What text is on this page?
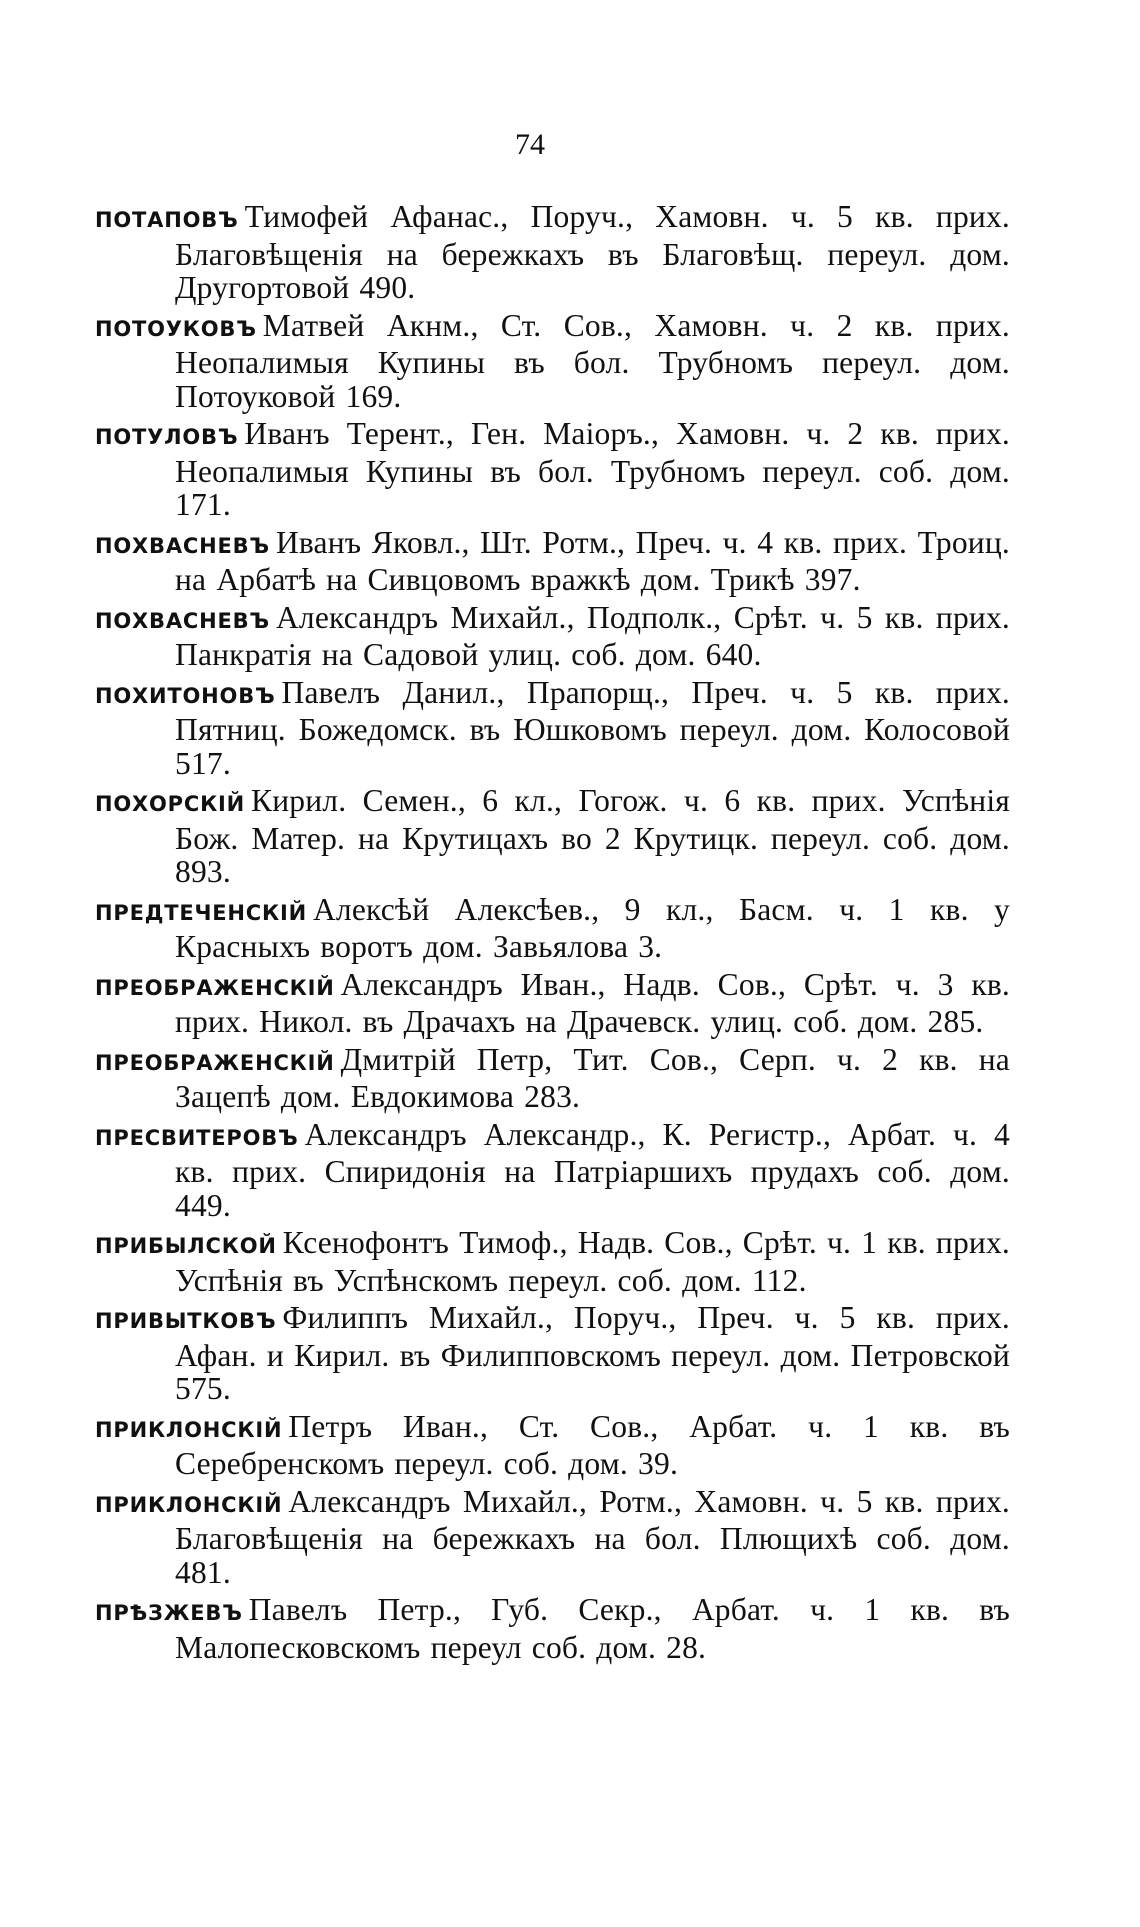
74

ПОТАПОВЪ Тимофей Афанас., Поруч., Хамовн. ч. 5 кв. прих. Благовѣщенія на бережкахъ въ Благовѣщ. переул. дом. Другортовой 490.

ПОТОУКОВЪ Матвей Акнм., Ст. Сов., Хамовн. ч. 2 кв. прих. Неопалимыя Купины въ бол. Трубномъ переул. дом. Потоуковой 169.

ПОТУЛОВЪ Иванъ Терент., Ген. Маіоръ., Хамовн. ч. 2 кв. прих. Неопалимыя Купины въ бол. Трубномъ переул. соб. дом. 171.

ПОХВАСНЕВЪ Иванъ Яковл., Шт. Ротм., Преч. ч. 4 кв. прих. Троиц. на Арбатѣ на Сивцовомъ вражкѣ дом. Трикѣ 397.

ПОХВАСНЕВЪ Александръ Михайл., Подполк., Срѣт. ч. 5 кв. прих. Панкратія на Садовой улиц. соб. дом. 640.

ПОХИТОНОВЪ Павелъ Данил., Прапорщ., Преч. ч. 5 кв. прих. Пятниц. Божедомск. въ Юшковомъ переул. дом. Колосовой 517.

ПОХОРСКІЙ Кирил. Семен., 6 кл., Гогож. ч. 6 кв. прих. Успѣнія Бож. Матер. на Крутицахъ во 2 Крутицк. переул. соб. дом. 893.

ПРЕДТЕЧЕНСКІЙ Алексѣй Алексѣев., 9 кл., Басм. ч. 1 кв. у Красныхъ воротъ дом. Завьялова 3.

ПРЕОБРАЖЕНСКІЙ Александръ Иван., Надв. Сов., Срѣт. ч. 3 кв. прих. Никол. въ Драчахъ на Драчевск. улиц. соб. дом. 285.

ПРЕОБРАЖЕНСКІЙ Дмитрій Петр, Тит. Сов., Серп. ч. 2 кв. на Зацепѣ дом. Евдокимова 283.

ПРЕСВИТЕРОВЪ Александръ Александр., К. Регистр., Арбат. ч. 4 кв. прих. Спиридонія на Патріаршихъ прудахъ соб. дом. 449.

ПРИБЫЛСКОЙ Ксенофонтъ Тимоф., Надв. Сов., Срѣт. ч. 1 кв. прих. Успѣнія въ Успѣнскомъ переул. соб. дом. 112.

ПРИВЫТКОВЪ Филиппъ Михайл., Поруч., Преч. ч. 5 кв. прих. Афан. и Кирил. въ Филипповскомъ переул. дом. Петровской 575.

ПРИКЛОНСКІЙ Петръ Иван., Ст. Сов., Арбат. ч. 1 кв. въ Серебренскомъ переул. соб. дом. 39.

ПРИКЛОНСКІЙ Александръ Михайл., Ротм., Хамовн. ч. 5 кв. прих. Благовѣщенія на бережкахъ на бол. Плющихѣ соб. дом. 481.

ПРѢЗЖЕВЪ Павелъ Петр., Губ. Секр., Арбат. ч. 1 кв. въ Малопесковскомъ переул соб. дом. 28.
